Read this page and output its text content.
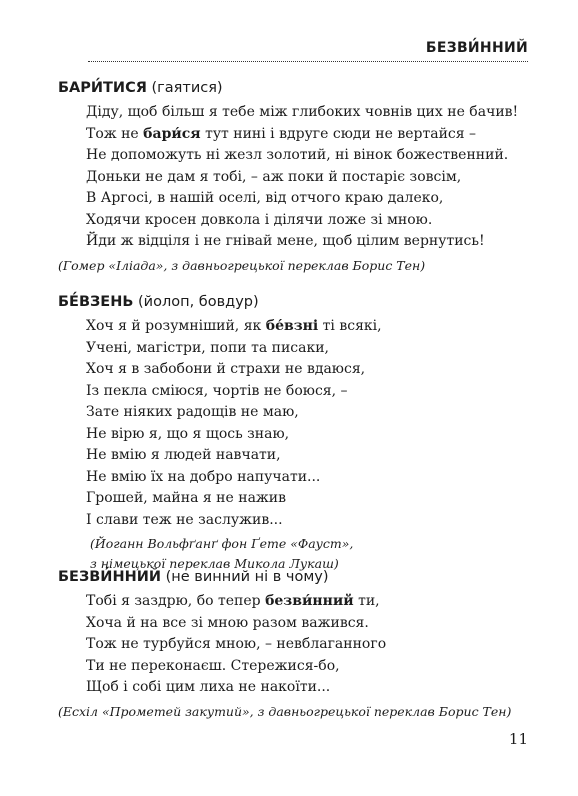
БЕЗВИ́ННИЙ
БАРИ́ТИСЯ (гаятися)
Діду, щоб більш я тебе між глибоких човнів цих не бачив!
Тож не бари́ся тут нині і вдруге сюди не вертайся –
Не допоможуть ні жезл золотий, ні вінок божественний.
Доньки не дам я тобі, – аж поки й постаріє зовсім,
В Аргосі, в нашій оселі, від отчого краю далеко,
Ходячи кросен довкола і ділячи ложе зі мною.
Йди ж відціля і не гнівай мене, щоб цілим вернутись!
(Гомер «Іліада», з давньогрецької переклав Борис Тен)
БЕ́ВЗЕНЬ (йолоп, бовдур)
Хоч я й розумніший, як бе́взні ті всякі,
Учені, магістри, попи та писаки,
Хоч я в забобони й страхи не вдаюся,
Із пекла сміюся, чортів не боюся, –
Зате ніяких радощів не маю,
Не вірю я, що я щось знаю,
Не вмію я людей навчати,
Не вмію їх на добро напучати...
Грошей, майна я не нажив
І слави теж не заслужив...
(Йоганн Вольфґанґ фон Ґете «Фауст»,
з німецької переклав Микола Лукаш)
БЕЗВИ́ННИЙ (не винний ні в чому)
Тобі я заздрю, бо тепер безви́нний ти,
Хоча й на все зі мною разом важився.
Тож не турбуйся мною, – невблаганного
Ти не переконаєш. Стережися-бо,
Щоб і собі цим лиха не накоїти...
(Есхіл «Прометей закутий», з давньогрецької переклав Борис Тен)
11
